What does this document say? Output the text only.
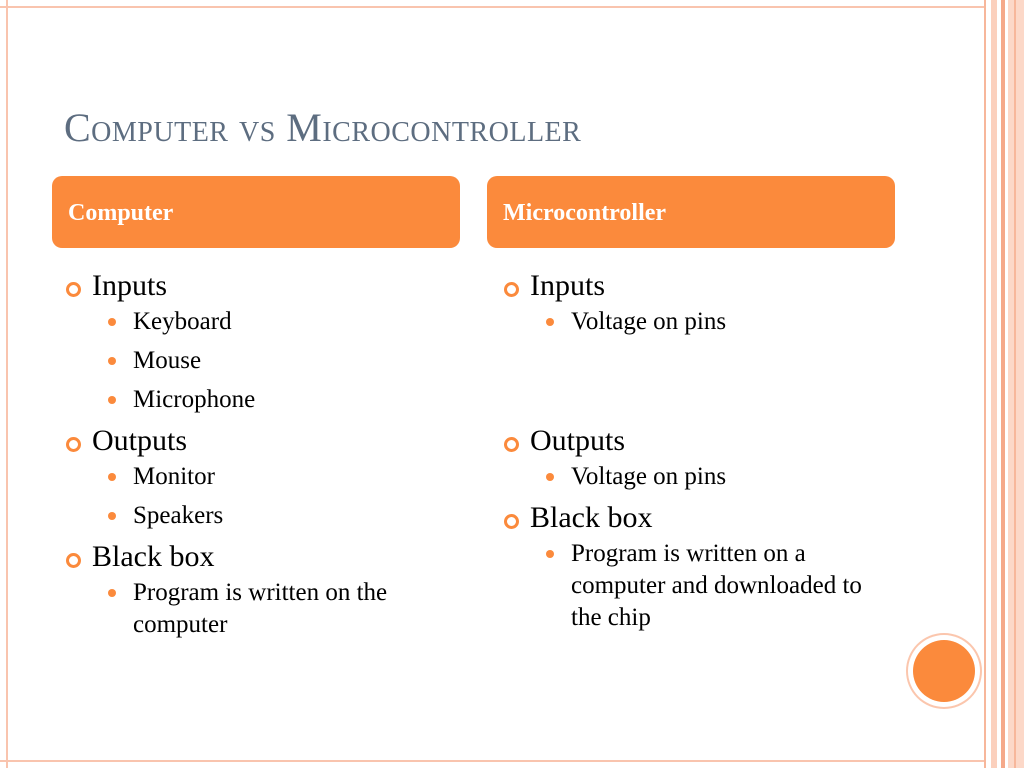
Computer vs Microcontroller
Computer	Microcontroller
Inputs
Keyboard
Mouse
Microphone
Outputs
Monitor
Speakers
Black box
Program is written on the computer
Inputs
Voltage on pins
Outputs
Voltage on pins
Black box
Program is written on a computer and downloaded to the chip
